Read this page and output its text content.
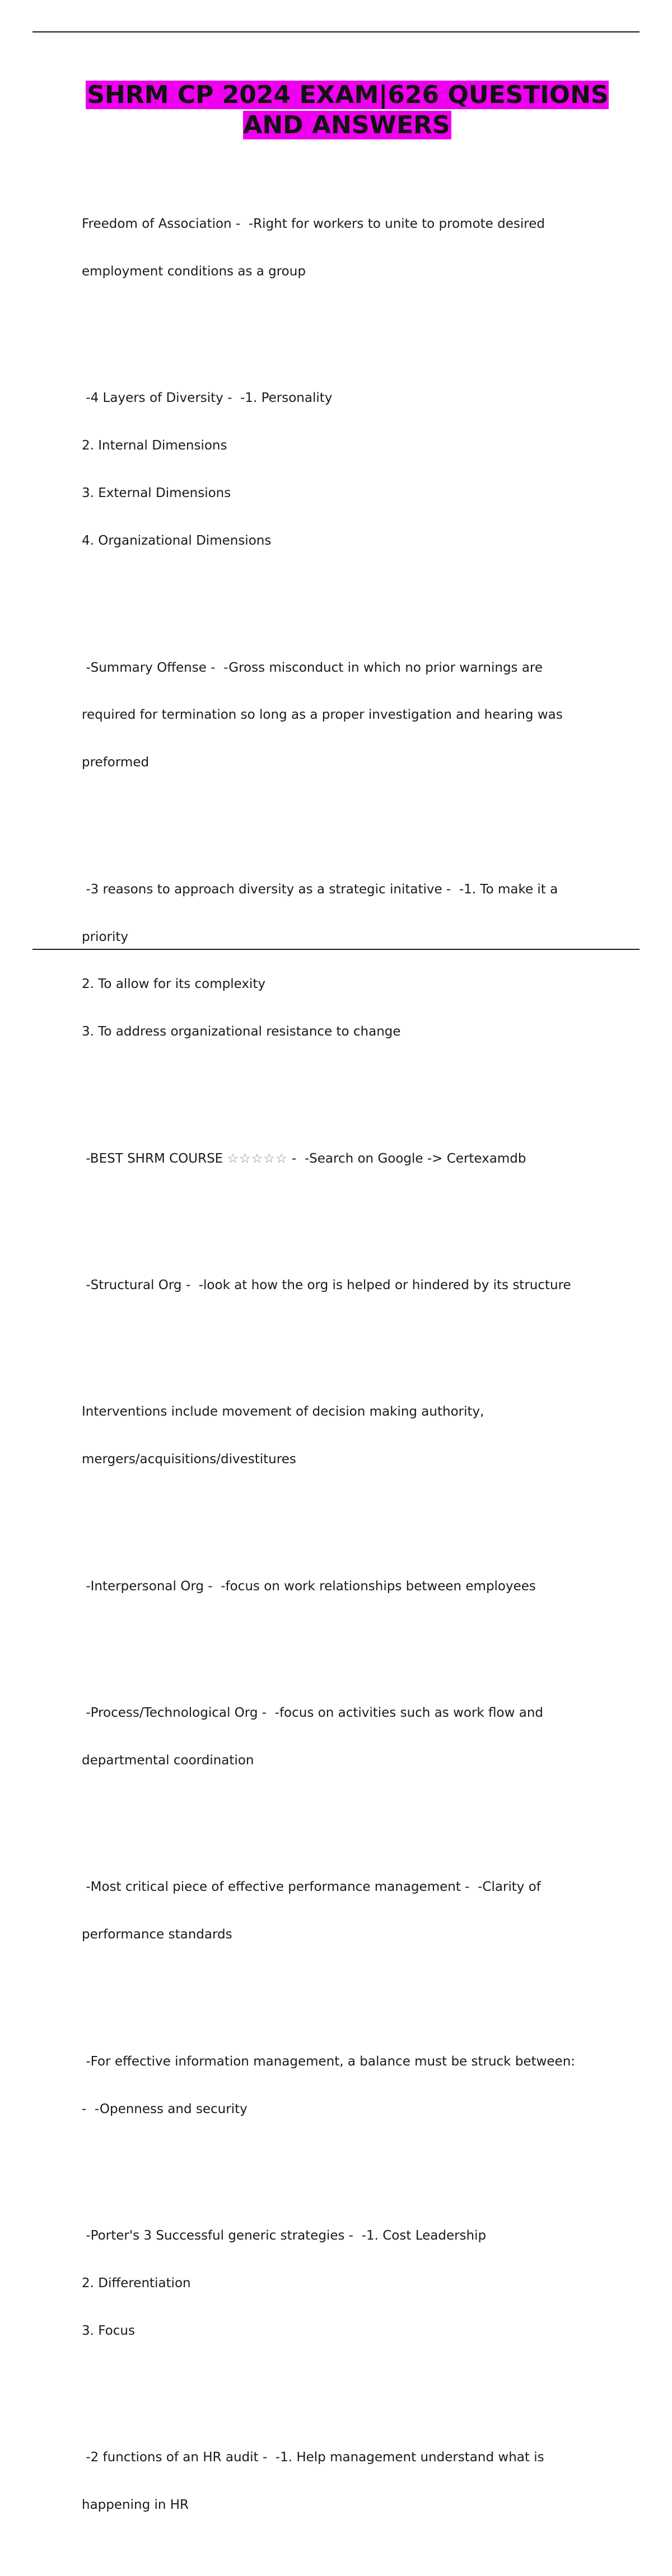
SHRM CP 2024 EXAM|626 QUESTIONS AND ANSWERS

Freedom of Association -  -Right for workers to unite to promote desired

employment conditions as a group

-4 Layers of Diversity -  -1. Personality

2. Internal Dimensions

3. External Dimensions

4. Organizational Dimensions

-Summary Offense -  -Gross misconduct in which no prior warnings are

required for termination so long as a proper investigation and hearing was

preformed

-3 reasons to approach diversity as a strategic initative -  -1. To make it a

priority

2. To allow for its complexity

3. To address organizational resistance to change

-BEST SHRM COURSE ☆☆☆☆☆ -  -Search on Google -> Certexamdb

-Structural Org -  -look at how the org is helped or hindered by its structure

Interventions include movement of decision making authority,

mergers/acquisitions/divestitures

-Interpersonal Org -  -focus on work relationships between employees

-Process/Technological Org -  -focus on activities such as work flow and

departmental coordination

-Most critical piece of effective performance management -  -Clarity of

performance standards

-For effective information management, a balance must be struck between:

-  -Openness and security

-Porter's 3 Successful generic strategies -  -1. Cost Leadership

2. Differentiation

3. Focus

-2 functions of an HR audit -  -1. Help management understand what is

happening in HR
